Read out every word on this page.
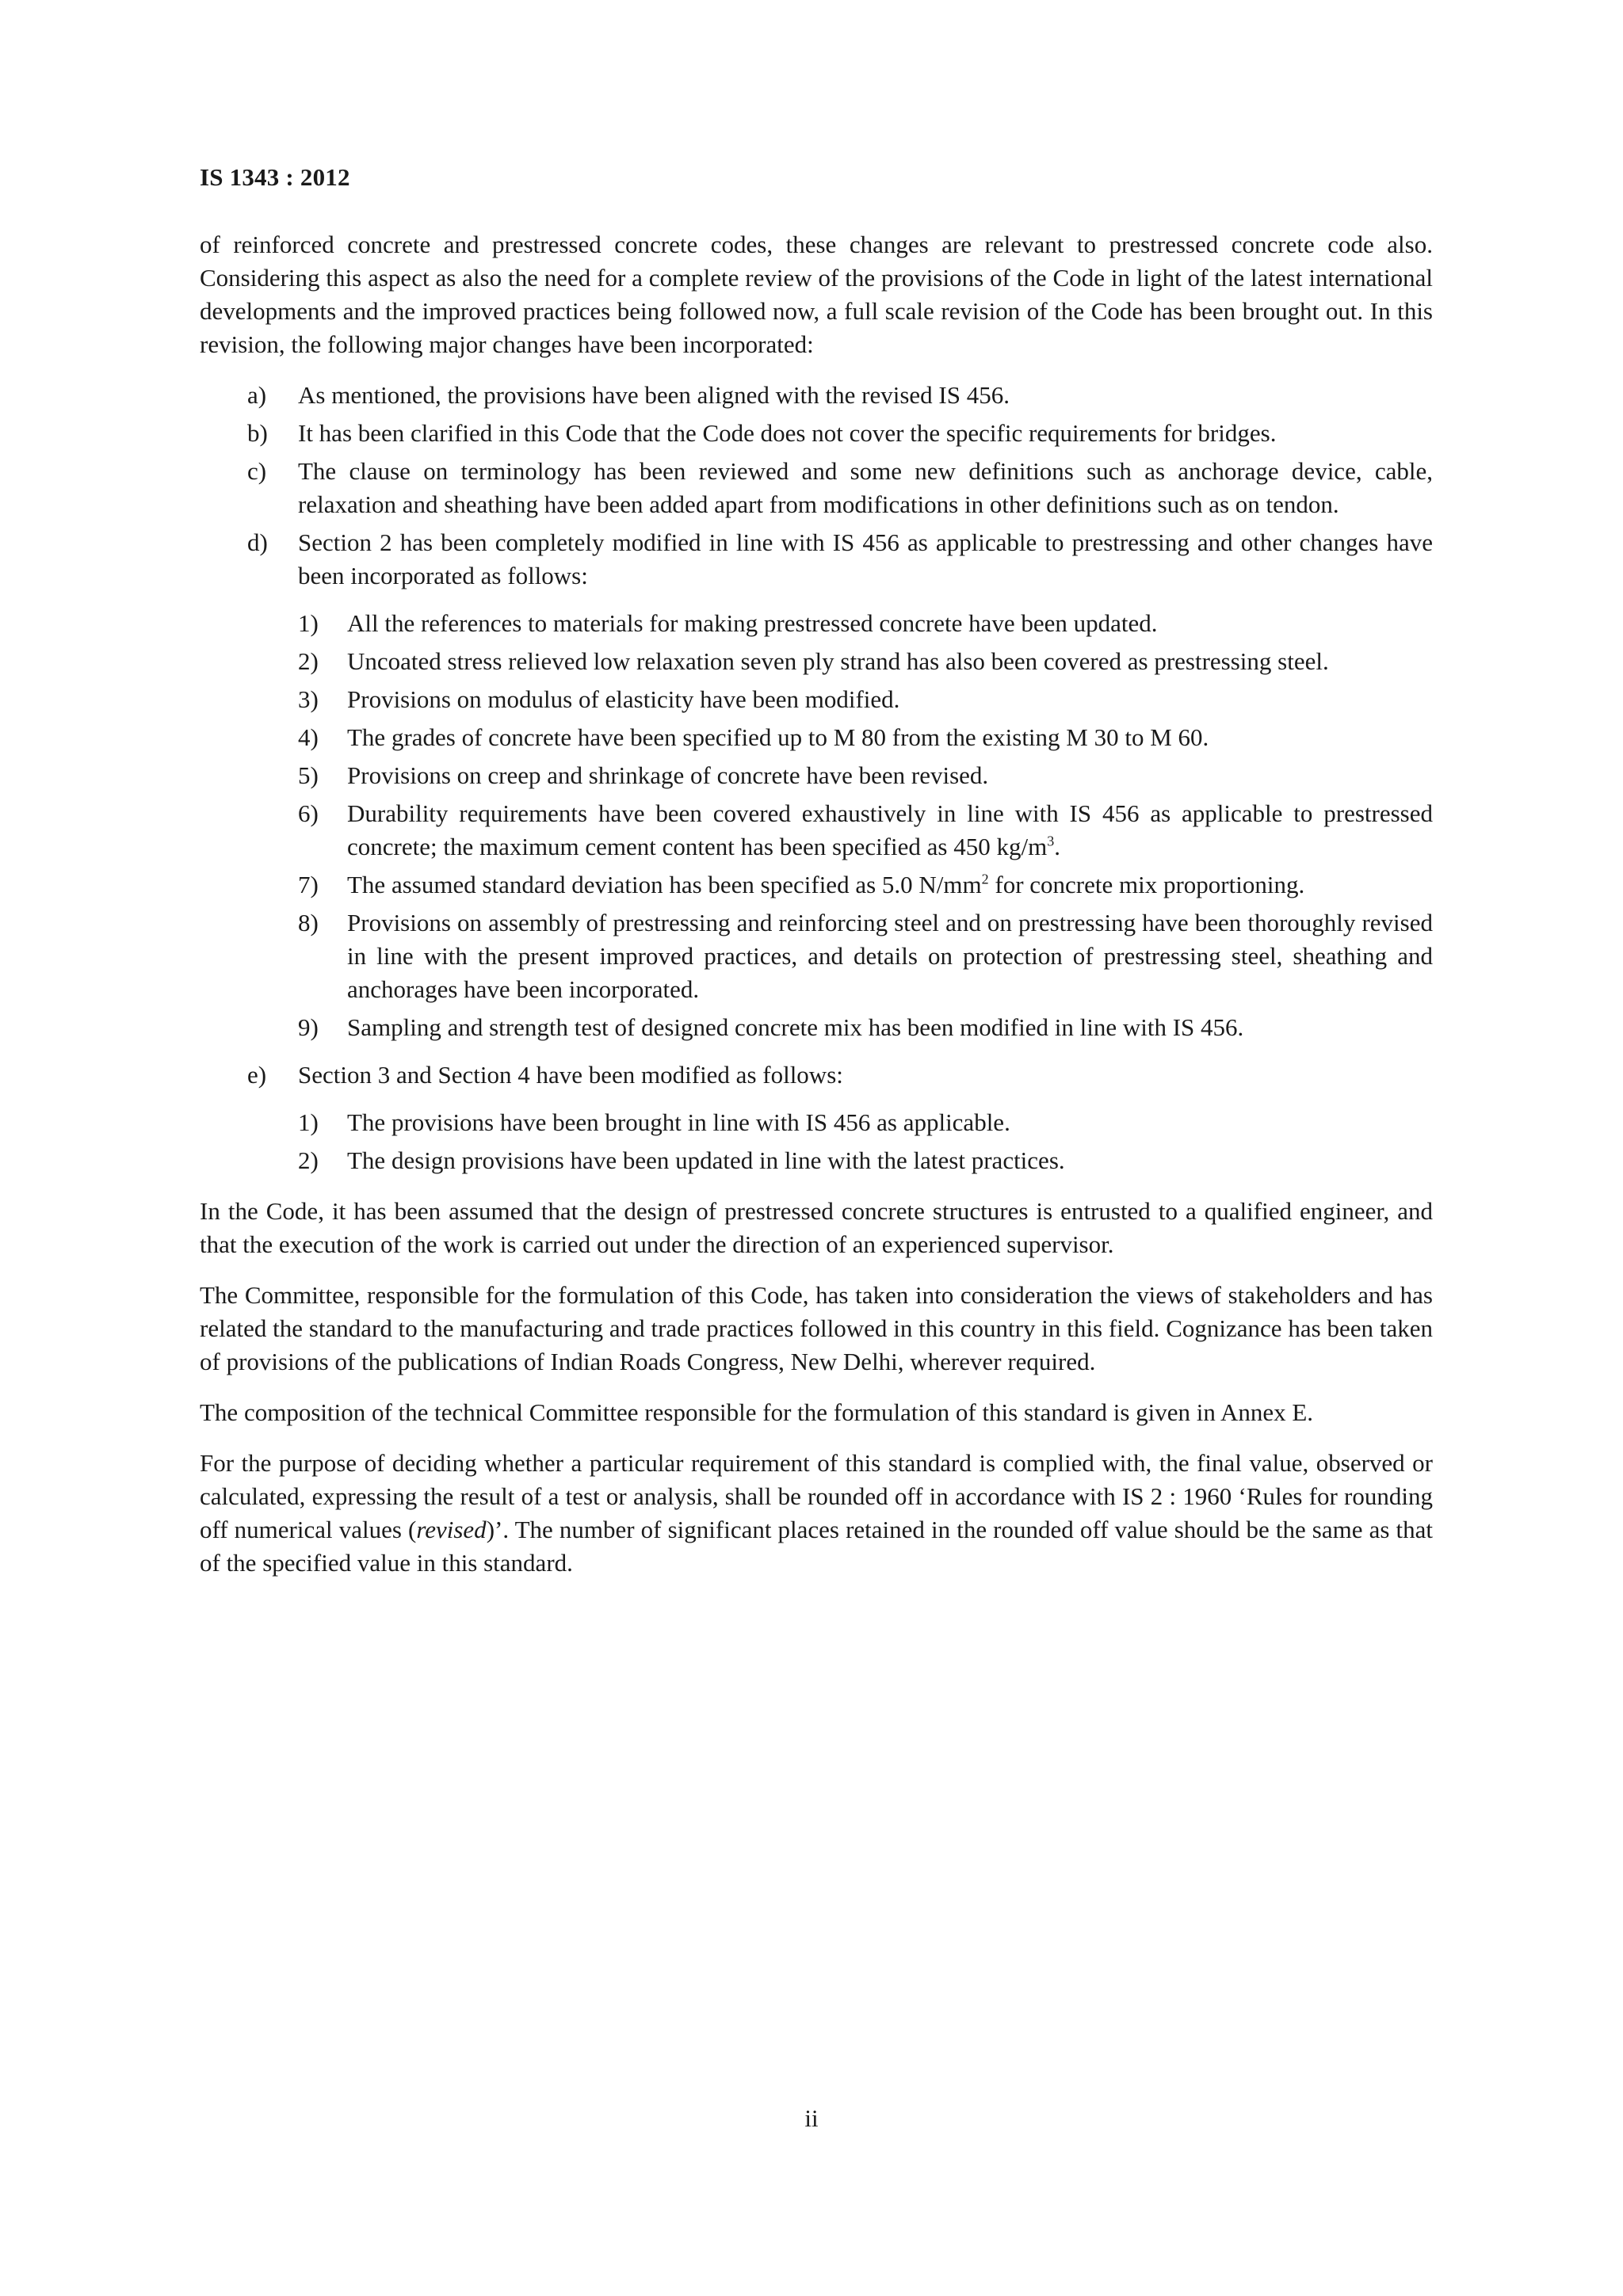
IS 1343 : 2012

of reinforced concrete and prestressed concrete codes, these changes are relevant to prestressed concrete code also. Considering this aspect as also the need for a complete review of the provisions of the Code in light of the latest international developments and the improved practices being followed now, a full scale revision of the Code has been brought out. In this revision, the following major changes have been incorporated:

a) As mentioned, the provisions have been aligned with the revised IS 456.
b) It has been clarified in this Code that the Code does not cover the specific requirements for bridges.
c) The clause on terminology has been reviewed and some new definitions such as anchorage device, cable, relaxation and sheathing have been added apart from modifications in other definitions such as on tendon.
d) Section 2 has been completely modified in line with IS 456 as applicable to prestressing and other changes have been incorporated as follows:
1) All the references to materials for making prestressed concrete have been updated.
2) Uncoated stress relieved low relaxation seven ply strand has also been covered as prestressing steel.
3) Provisions on modulus of elasticity have been modified.
4) The grades of concrete have been specified up to M 80 from the existing M 30 to M 60.
5) Provisions on creep and shrinkage of concrete have been revised.
6) Durability requirements have been covered exhaustively in line with IS 456 as applicable to prestressed concrete; the maximum cement content has been specified as 450 $kg/m^3$.
7) The assumed standard deviation has been specified as 5.0 $N/mm^2$ for concrete mix proportioning.
8) Provisions on assembly of prestressing and reinforcing steel and on prestressing have been thoroughly revised in line with the present improved practices, and details on protection of prestressing steel, sheathing and anchorages have been incorporated.
9) Sampling and strength test of designed concrete mix has been modified in line with IS 456.
e) Section 3 and Section 4 have been modified as follows:
1) The provisions have been brought in line with IS 456 as applicable.
2) The design provisions have been updated in line with the latest practices.

In the Code, it has been assumed that the design of prestressed concrete structures is entrusted to a qualified engineer, and that the execution of the work is carried out under the direction of an experienced supervisor.

The Committee, responsible for the formulation of this Code, has taken into consideration the views of stakeholders and has related the standard to the manufacturing and trade practices followed in this country in this field. Cognizance has been taken of provisions of the publications of Indian Roads Congress, New Delhi, wherever required.

The composition of the technical Committee responsible for the formulation of this standard is given in Annex E.

For the purpose of deciding whether a particular requirement of this standard is complied with, the final value, observed or calculated, expressing the result of a test or analysis, shall be rounded off in accordance with IS 2 : 1960 ‘Rules for rounding off numerical values (revised)’. The number of significant places retained in the rounded off value should be the same as that of the specified value in this standard.

ii
